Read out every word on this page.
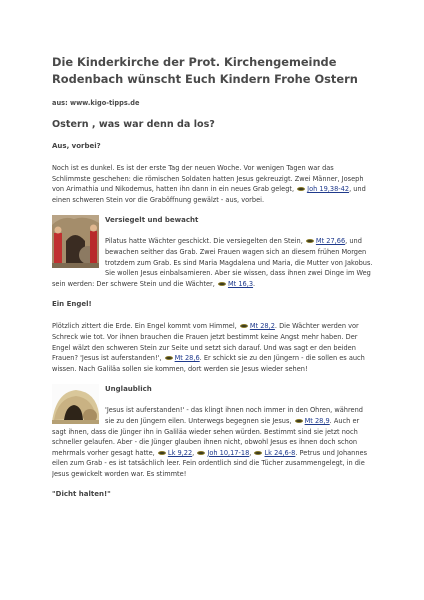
Die Kinderkirche der Prot. Kirchengemeinde Rodenbach wünscht Euch Kindern Frohe Ostern

aus: www.kigo-tipps.de

Ostern , was war denn da los?
Aus, vorbei?

Noch ist es dunkel. Es ist der erste Tag der neuen Woche. Vor wenigen Tagen war das Schlimmste geschehen: die römischen Soldaten hatten Jesus gekreuzigt. Zwei Männer, Joseph von Arimathia und Nikodemus, hatten ihn dann in ein neues Grab gelegt, Joh 19,38-42, und einen schweren Stein vor die Graböffnung gewälzt - aus, vorbei.

Versiegelt und bewacht

Pilatus hatte Wächter geschickt. Die versiegelten den Stein, Mt 27,66, und bewachen seither das Grab. Zwei Frauen wagen sich an diesem frühen Morgen trotzdem zum Grab. Es sind Maria Magdalena und Maria, die Mutter von Jakobus. Sie wollen Jesus einbalsamieren. Aber sie wissen, dass ihnen zwei Dinge im Weg sein werden: Der schwere Stein und die Wächter, Mt 16,3.

Ein Engel!

Plötzlich zittert die Erde. Ein Engel kommt vom Himmel, Mt 28,2. Die Wächter werden vor Schreck wie tot. Vor ihnen brauchen die Frauen jetzt bestimmt keine Angst mehr haben. Der Engel wälzt den schweren Stein zur Seite und setzt sich darauf. Und was sagt er den beiden Frauen? 'Jesus ist auferstanden!', Mt 28,6. Er schickt sie zu den Jüngern - die sollen es auch wissen. Nach Galiläa sollen sie kommen, dort werden sie Jesus wieder sehen!

Unglaublich

'Jesus ist auferstanden!' - das klingt ihnen noch immer in den Ohren, während sie zu den Jüngern eilen. Unterwegs begegnen sie Jesus, Mt 28,9. Auch er sagt ihnen, dass die Jünger ihn in Galiläa wieder sehen würden. Bestimmt sind sie jetzt noch schneller gelaufen. Aber - die Jünger glauben ihnen nicht, obwohl Jesus es ihnen doch schon mehrmals vorher gesagt hatte, Lk 9,22, Joh 10,17-18, Lk 24,6-8. Petrus und Johannes eilen zum Grab - es ist tatsächlich leer. Fein ordentlich sind die Tücher zusammengelegt, in die Jesus gewickelt worden war. Es stimmte!

"Dicht halten!"
